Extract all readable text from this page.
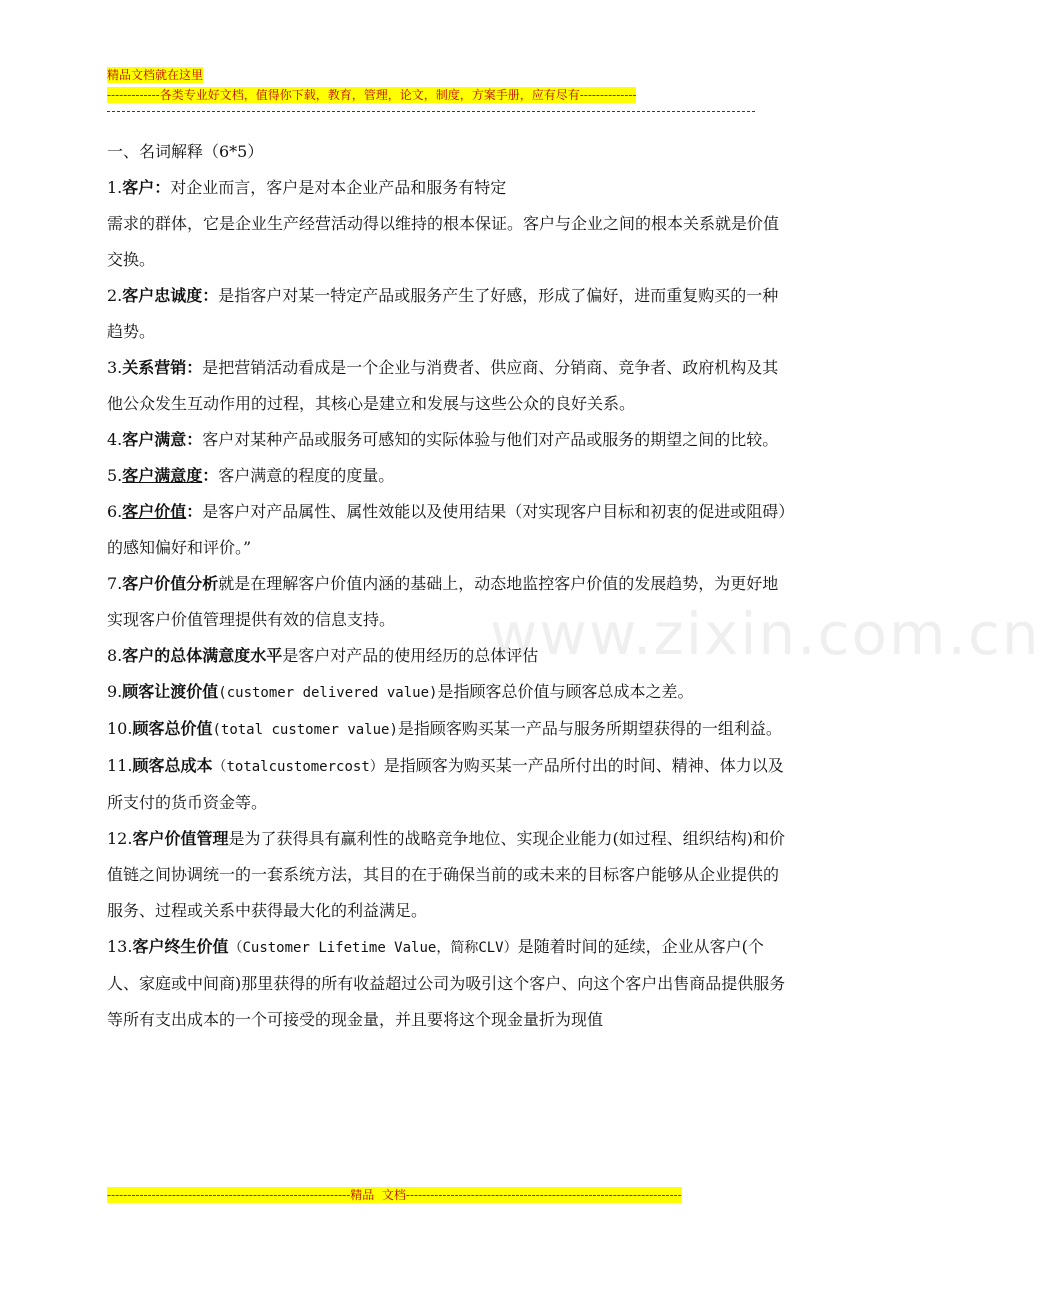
精品文档就在这里
-------------各类专业好文档，值得你下载，教育，管理，论文，制度，方案手册，应有尽有--------------
www.zixin.com.cn
一、名词解释（6*5）
1.客户：对企业而言，客户是对本企业产品和服务有特定
需求的群体，它是企业生产经营活动得以维持的根本保证。客户与企业之间的根本关系就是价值交换。
2.客户忠诚度：是指客户对某一特定产品或服务产生了好感，形成了偏好，进而重复购买的一种趋势。
3.关系营销：是把营销活动看成是一个企业与消费者、供应商、分销商、竞争者、政府机构及其他公众发生互动作用的过程，其核心是建立和发展与这些公众的良好关系。
4.客户满意：客户对某种产品或服务可感知的实际体验与他们对产品或服务的期望之间的比较。
5.客户满意度：客户满意的程度的度量。
6.客户价值：是客户对产品属性、属性效能以及使用结果（对实现客户目标和初衷的促进或阻碍）的感知偏好和评价。”
7.客户价值分析就是在理解客户价值内涵的基础上，动态地监控客户价值的发展趋势，为更好地实现客户价值管理提供有效的信息支持。
8.客户的总体满意度水平是客户对产品的使用经历的总体评估
9.顾客让渡价值(customer delivered value)是指顾客总价值与顾客总成本之差。
10.顾客总价值(total customer value)是指顾客购买某一产品与服务所期望获得的一组利益。
11.顾客总成本（totalcustomercost）是指顾客为购买某一产品所付出的时间、精神、体力以及所支付的货币资金等。
12.客户价值管理是为了获得具有赢利性的战略竞争地位、实现企业能力(如过程、组织结构)和价值链之间协调统一的一套系统方法，其目的在于确保当前的或未来的目标客户能够从企业提供的服务、过程或关系中获得最大化的利益满足。
13.客户终生价值（Customer Lifetime Value，简称CLV）是随着时间的延续，企业从客户(个人、家庭或中间商)那里获得的所有收益超过公司为吸引这个客户、向这个客户出售商品提供服务等所有支出成本的一个可接受的现金量，并且要将这个现金量折为现值
------------------------------------------------------------精品  文档--------------------------------------------------------------------
